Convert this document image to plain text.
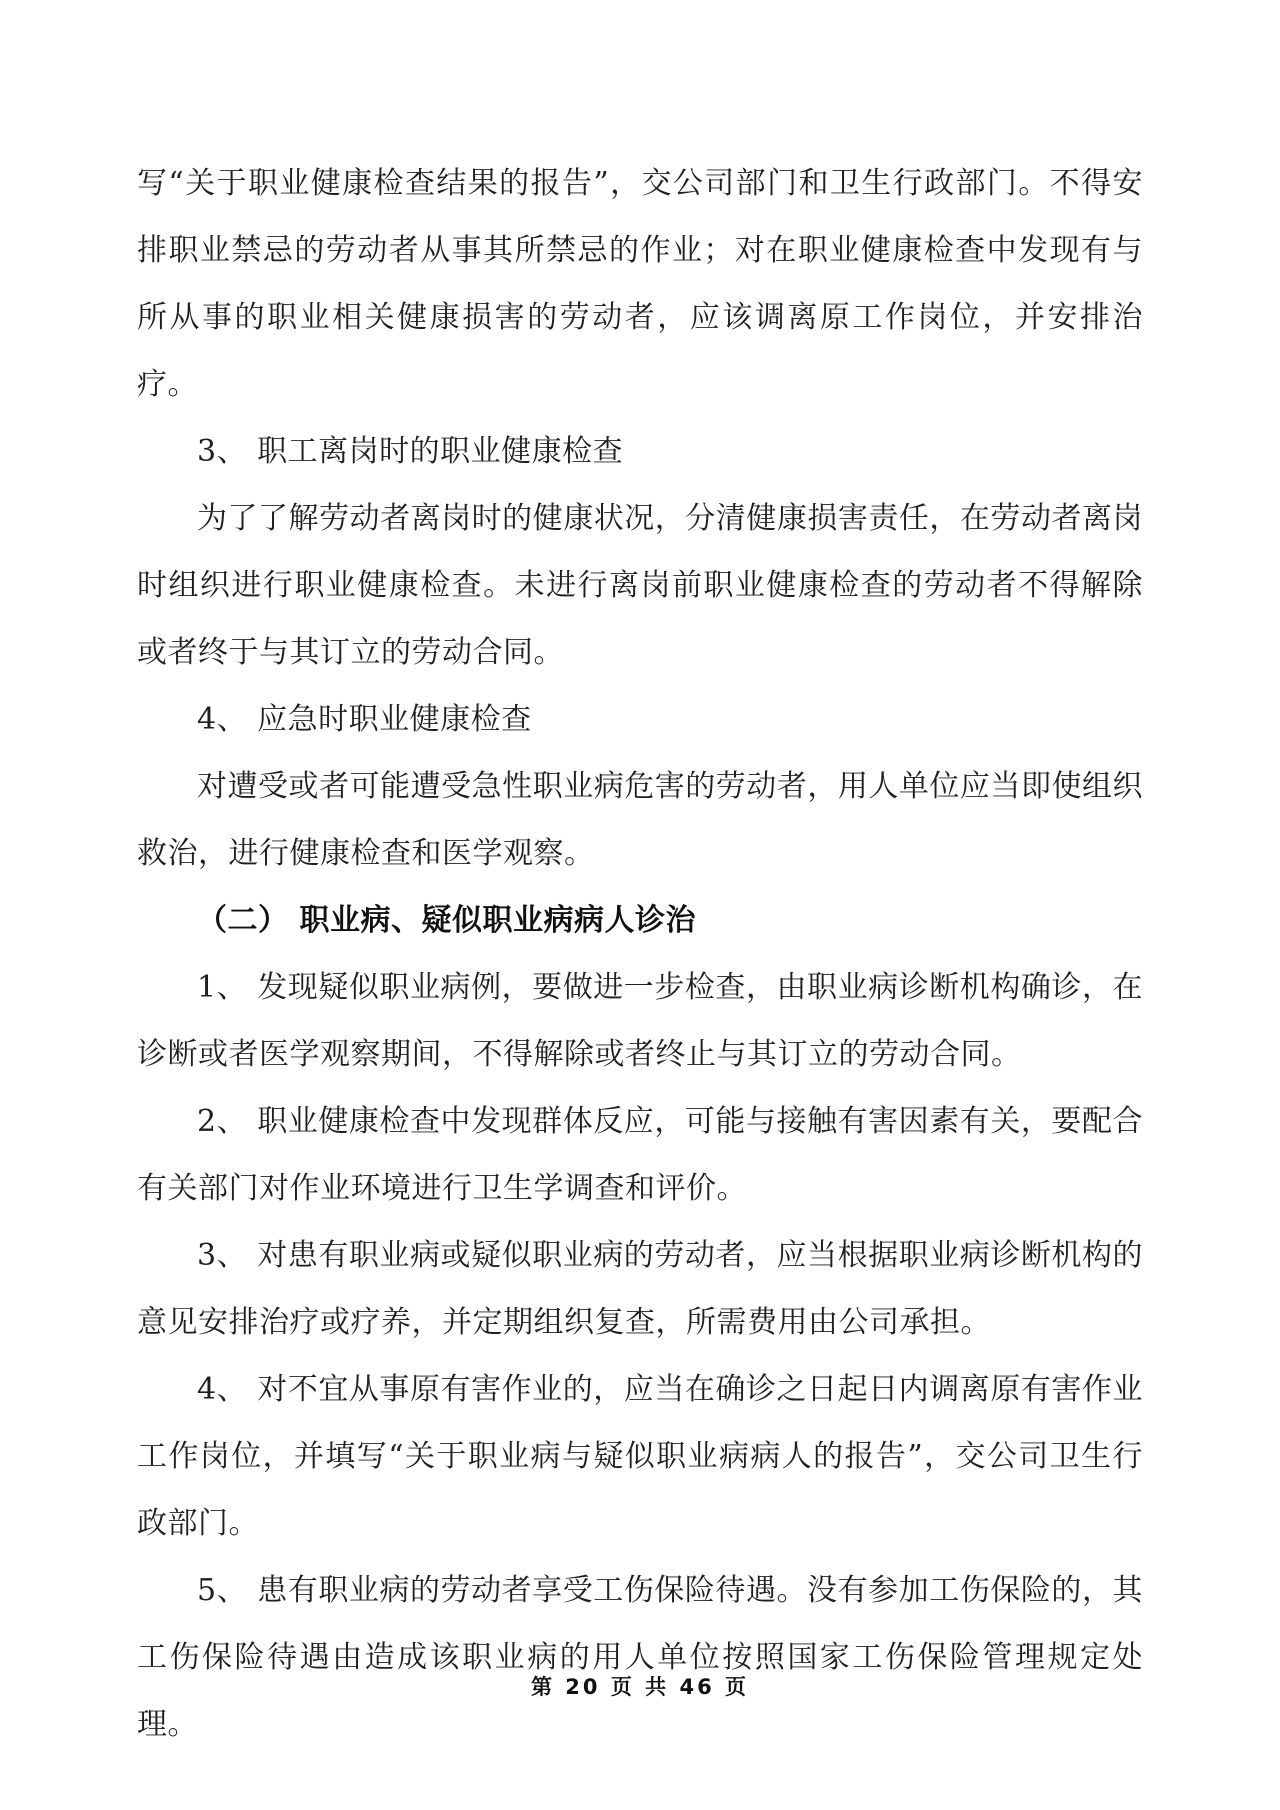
写“关于职业健康检查结果的报告”，交公司部门和卫生行政部门。不得安排职业禁忌的劳动者从事其所禁忌的作业；对在职业健康检查中发现有与所从事的职业相关健康损害的劳动者，应该调离原工作岗位，并安排治疗。

3、 职工离岗时的职业健康检查

为了了解劳动者离岗时的健康状况，分清健康损害责任，在劳动者离岗时组织进行职业健康检查。未进行离岗前职业健康检查的劳动者不得解除或者终于与其订立的劳动合同。

4、 应急时职业健康检查

对遭受或者可能遭受急性职业病危害的劳动者，用人单位应当即使组织救治，进行健康检查和医学观察。

（二） 职业病、疑似职业病病人诊治

1、 发现疑似职业病例，要做进一步检查，由职业病诊断机构确诊，在诊断或者医学观察期间，不得解除或者终止与其订立的劳动合同。

2、 职业健康检查中发现群体反应，可能与接触有害因素有关，要配合有关部门对作业环境进行卫生学调查和评价。

3、 对患有职业病或疑似职业病的劳动者，应当根据职业病诊断机构的意见安排治疗或疗养，并定期组织复查，所需费用由公司承担。

4、 对不宜从事原有害作业的，应当在确诊之日起日内调离原有害作业工作岗位，并填写“关于职业病与疑似职业病病人的报告”，交公司卫生行政部门。

5、 患有职业病的劳动者享受工伤保险待遇。没有参加工伤保险的，其工伤保险待遇由造成该职业病的用人单位按照国家工伤保险管理规定处理。

第 20 页 共 46 页
